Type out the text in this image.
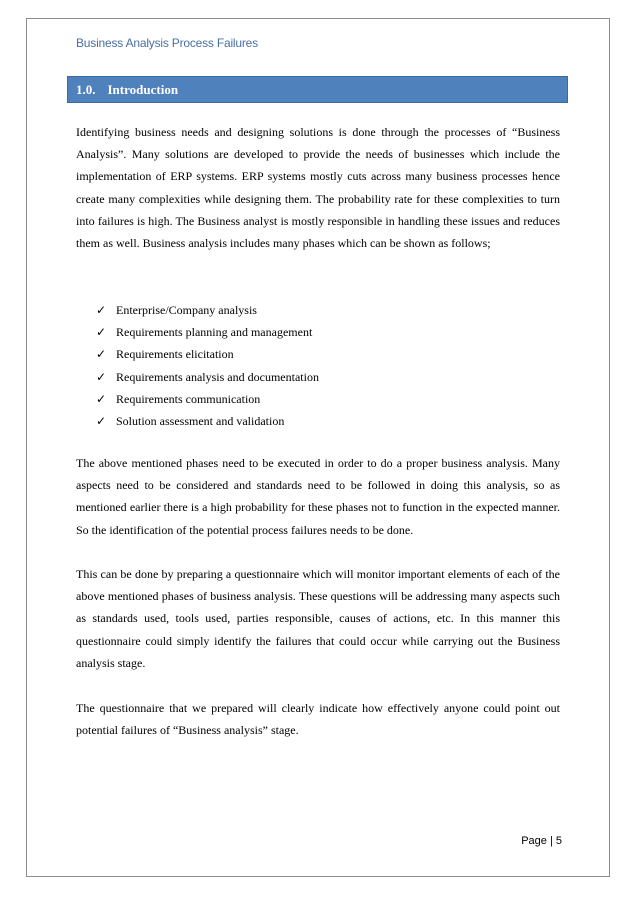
Business Analysis Process Failures
1.0. Introduction
Identifying business needs and designing solutions is done through the processes of “Business Analysis”. Many solutions are developed to provide the needs of businesses which include the implementation of ERP systems. ERP systems mostly cuts across many business processes hence create many complexities while designing them. The probability rate for these complexities to turn into failures is high. The Business analyst is mostly responsible in handling these issues and reduces them as well. Business analysis includes many phases which can be shown as follows;
✓ Enterprise/Company analysis
✓ Requirements planning and management
✓ Requirements elicitation
✓ Requirements analysis and documentation
✓ Requirements communication
✓ Solution assessment and validation
The above mentioned phases need to be executed in order to do a proper business analysis. Many aspects need to be considered and standards need to be followed in doing this analysis, so as mentioned earlier there is a high probability for these phases not to function in the expected manner. So the identification of the potential process failures needs to be done.
This can be done by preparing a questionnaire which will monitor important elements of each of the above mentioned phases of business analysis. These questions will be addressing many aspects such as standards used, tools used, parties responsible, causes of actions, etc. In this manner this questionnaire could simply identify the failures that could occur while carrying out the Business analysis stage.
The questionnaire that we prepared will clearly indicate how effectively anyone could point out potential failures of “Business analysis” stage.
Page | 5
